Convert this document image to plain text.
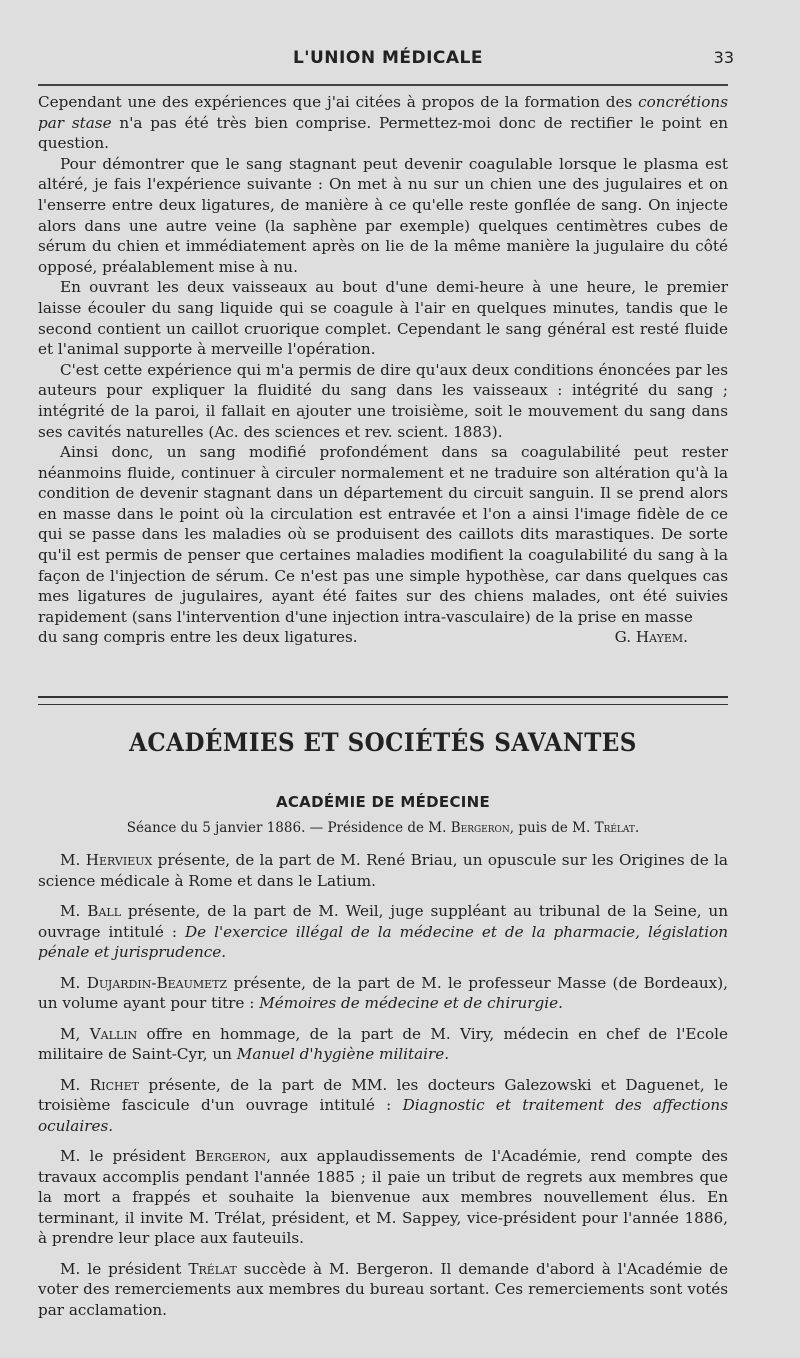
L'UNION MÉDICALE	33

Cependant une des expériences que j'ai citées à propos de la formation des concrétions par stase n'a pas été très bien comprise. Permettez-moi donc de rectifier le point en question.

Pour démontrer que le sang stagnant peut devenir coagulable lorsque le plasma est altéré, je fais l'expérience suivante : On met à nu sur un chien une des jugulaires et on l'enserre entre deux ligatures, de manière à ce qu'elle reste gonflée de sang. On injecte alors dans une autre veine (la saphène par exemple) quelques centimètres cubes de sérum du chien et immédiatement après on lie de la même manière la jugulaire du côté opposé, préalablement mise à nu.

En ouvrant les deux vaisseaux au bout d'une demi-heure à une heure, le premier laisse écouler du sang liquide qui se coagule à l'air en quelques minutes, tandis que le second contient un caillot cruorique complet. Cependant le sang général est resté fluide et l'animal supporte à merveille l'opération.

C'est cette expérience qui m'a permis de dire qu'aux deux conditions énoncées par les auteurs pour expliquer la fluidité du sang dans les vaisseaux : intégrité du sang ; intégrité de la paroi, il fallait en ajouter une troisième, soit le mouvement du sang dans ses cavités naturelles (Ac. des sciences et rev. scient. 1883).

Ainsi donc, un sang modifié profondément dans sa coagulabilité peut rester néanmoins fluide, continuer à circuler normalement et ne traduire son altération qu'à la condition de devenir stagnant dans un département du circuit sanguin. Il se prend alors en masse dans le point où la circulation est entravée et l'on a ainsi l'image fidèle de ce qui se passe dans les maladies où se produisent des caillots dits marastiques. De sorte qu'il est permis de penser que certaines maladies modifient la coagulabilité du sang à la façon de l'injection de sérum. Ce n'est pas une simple hypothèse, car dans quelques cas mes ligatures de jugulaires, ayant été faites sur des chiens malades, ont été suivies rapidement (sans l'intervention d'une injection intra-vasculaire) de la prise en masse

du sang compris entre les deux ligatures.	G. Hayem.
ACADÉMIES ET SOCIÉTÉS SAVANTES
ACADÉMIE DE MÉDECINE
Séance du 5 janvier 1886. — Présidence de M. Bergeron, puis de M. Trélat.

M. Hervieux présente, de la part de M. René Briau, un opuscule sur les Origines de la science médicale à Rome et dans le Latium.

M. Ball présente, de la part de M. Weil, juge suppléant au tribunal de la Seine, un ouvrage intitulé : De l'exercice illégal de la médecine et de la pharmacie, législation pénale et jurisprudence.

M. Dujardin-Beaumetz présente, de la part de M. le professeur Masse (de Bordeaux), un volume ayant pour titre : Mémoires de médecine et de chirurgie.

M, Vallin offre en hommage, de la part de M. Viry, médecin en chef de l'Ecole militaire de Saint-Cyr, un Manuel d'hygiène militaire.

M. Richet présente, de la part de MM. les docteurs Galezowski et Daguenet, le troisième fascicule d'un ouvrage intitulé : Diagnostic et traitement des affections oculaires.

M. le président Bergeron, aux applaudissements de l'Académie, rend compte des travaux accomplis pendant l'année 1885 ; il paie un tribut de regrets aux membres que la mort a frappés et souhaite la bienvenue aux membres nouvellement élus. En terminant, il invite M. Trélat, président, et M. Sappey, vice-président pour l'année 1886, à prendre leur place aux fauteuils.

M. le président Trélat succède à M. Bergeron. Il demande d'abord à l'Académie de voter des remerciements aux membres du bureau sortant. Ces remerciements sont votés par acclamation.
